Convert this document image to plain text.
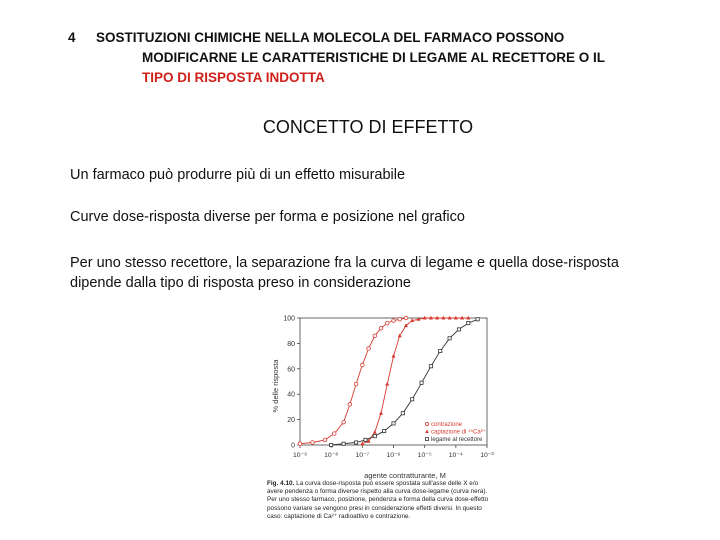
4 SOSTITUZIONI CHIMICHE NELLA MOLECOLA DEL FARMACO POSSONO
MODIFICARNE LE CARATTERISTICHE DI LEGAME AL RECETTORE O IL
TIPO DI RISPOSTA INDOTTA
CONCETTO DI EFFETTO
Un farmaco può produrre più di un effetto misurabile
Curve dose-risposta diverse per forma e posizione nel grafico
Per uno stesso recettore, la separazione fra la curva di legame e quella dose-risposta dipende dalla tipo di risposta preso in considerazione
0
20
40
60
80
100
10⁻⁹	10⁻⁸	10⁻⁷	10⁻⁶	10⁻⁵	10⁻⁴	10⁻³
contrazione
captazione di ⁴⁵Ca²⁺
legame al recettore
% delle risposta
agente contratturante, M
Fig. 4.10. La curva dose-risposta può essere spostata sull'asse delle X e/o avere pendenza o forma diverse rispetto alla curva dose-legame (curva nera). Per uno stesso farmaco, posizione, pendenza e forma della curva dose-effetto possono variare se vengono presi in considerazione effetti diversi. In questo caso: captazione di Ca²⁺ radioattivo e contrazione.
